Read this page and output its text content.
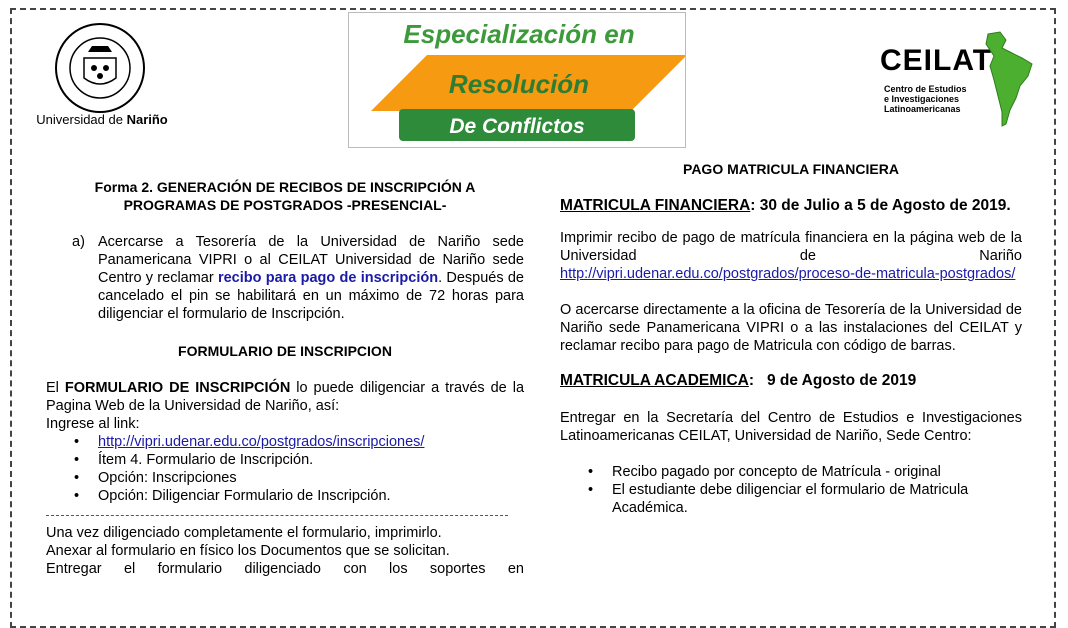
Universidad de Nariño
Especialización en
Resolución
De Conflictos
CEILAT
Centro de Estudios
e Investigaciones
Latinoamericanas
Forma 2. GENERACIÓN DE RECIBOS DE INSCRIPCIÓN A
PROGRAMAS DE POSTGRADOS -PRESENCIAL-
a) Acercarse a Tesorería de la Universidad de Nariño sede Panamericana VIPRI o al CEILAT Universidad de Nariño sede Centro y reclamar recibo para pago de inscripción. Después de cancelado el pin se habilitará en un máximo de 72 horas para diligenciar el formulario de Inscripción.
FORMULARIO DE INSCRIPCION
El FORMULARIO DE INSCRIPCIÓN lo puede diligenciar a través de la Pagina Web de la Universidad de Nariño, así:
Ingrese al link:
• http://vipri.udenar.edu.co/postgrados/inscripciones/
• Ítem 4. Formulario de Inscripción.
• Opción: Inscripciones
• Opción: Diligenciar Formulario de Inscripción.
Una vez diligenciado completamente el formulario, imprimirlo.
Anexar al formulario en físico los Documentos que se solicitan.
Entregar el formulario diligenciado con los soportes en
PAGO MATRICULA FINANCIERA
MATRICULA FINANCIERA: 30 de Julio a 5 de Agosto de 2019.
Imprimir recibo de pago de matrícula financiera en la página web de la Universidad de Nariño
http://vipri.udenar.edu.co/postgrados/proceso-de-matricula-postgrados/
O acercarse directamente a la oficina de Tesorería de la Universidad de Nariño sede Panamericana VIPRI o a las instalaciones del CEILAT y reclamar recibo para pago de Matricula con código de barras.
MATRICULA ACADEMICA:   9 de Agosto de 2019
Entregar en la Secretaría del Centro de Estudios e Investigaciones Latinoamericanas CEILAT, Universidad de Nariño, Sede Centro:
• Recibo pagado por concepto de Matrícula - original
• El estudiante debe diligenciar el formulario de Matricula Académica.
